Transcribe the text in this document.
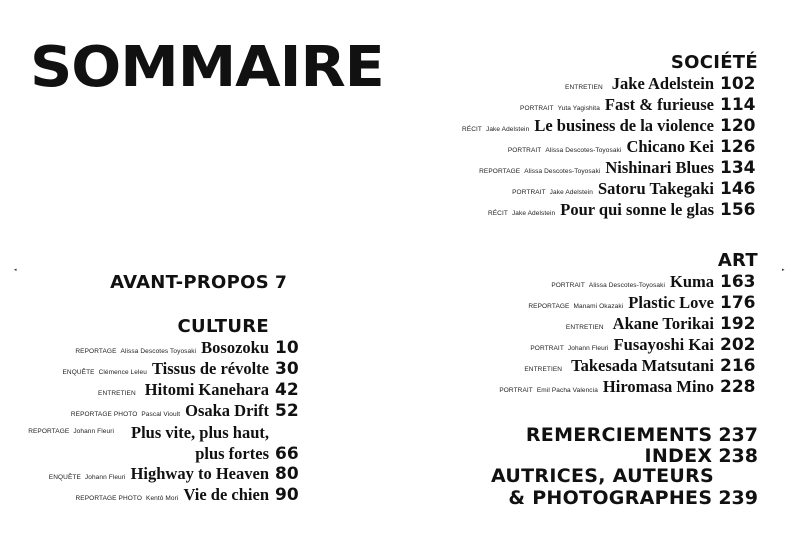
SOMMAIRE
◂	▸
SOCIÉTÉ
ENTRETIEN Jake Adelstein 102
PORTRAIT Yuta Yagishita Fast & furieuse 114
RÉCIT Jake Adelstein Le business de la violence 120
PORTRAIT Alissa Descotes-Toyosaki Chicano Kei 126
REPORTAGE Alissa Descotes-Toyosaki Nishinari Blues 134
PORTRAIT Jake Adelstein Satoru Takegaki 146
RÉCIT Jake Adelstein Pour qui sonne le glas 156
ART
PORTRAIT Alissa Descotes-Toyosaki Kuma 163
REPORTAGE Manami Okazaki Plastic Love 176
ENTRETIEN Akane Torikai 192
PORTRAIT Johann Fleuri Fusayoshi Kai 202
ENTRETIEN Takesada Matsutani 216
PORTRAIT Emil Pacha Valencia Hiromasa Mino 228
REMERCIEMENTS 237
INDEX 238
AUTRICES, AUTEURS
& PHOTOGRAPHES 239
AVANT-PROPOS 7
CULTURE
REPORTAGE Alissa Descotes Toyosaki Bosozoku 10
ENQUÊTE Clémence Leleu Tissus de révolte 30
ENTRETIEN Hitomi Kanehara 42
REPORTAGE PHOTO Pascal Vioult Osaka Drift 52
REPORTAGE Johann Fleuri	Plus vite, plus haut, plus fortes 66
ENQUÊTE Johann Fleuri Highway to Heaven 80
REPORTAGE PHOTO Kentô Mori Vie de chien 90
